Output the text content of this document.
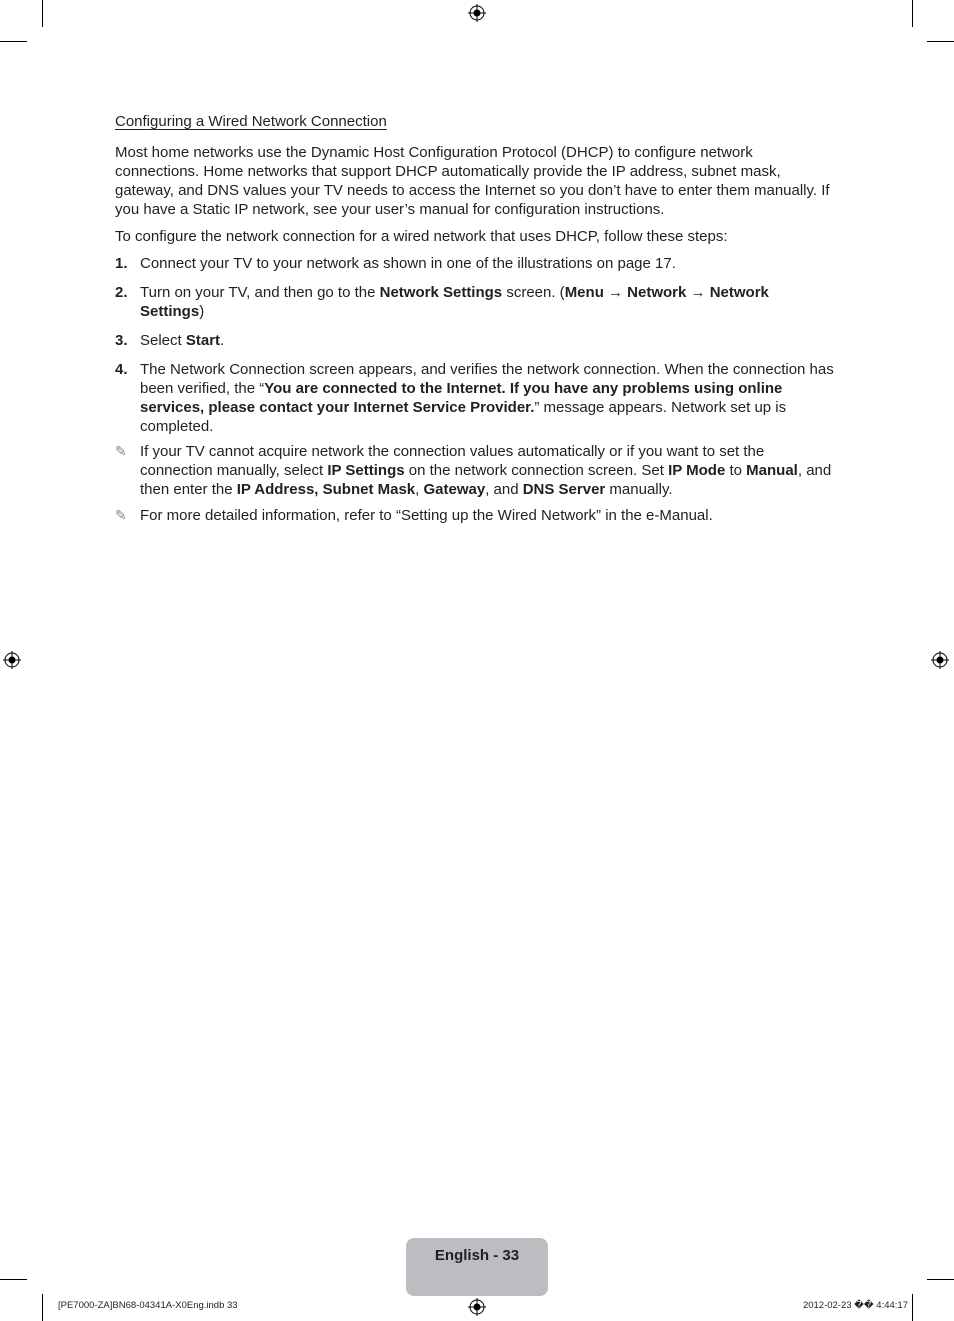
Configuring a Wired Network Connection

Most home networks use the Dynamic Host Configuration Protocol (DHCP) to configure network connections. Home networks that support DHCP automatically provide the IP address, subnet mask, gateway, and DNS values your TV needs to access the Internet so you don’t have to enter them manually. If you have a Static IP network, see your user’s manual for configuration instructions.

To configure the network connection for a wired network that uses DHCP, follow these steps:

1. Connect your TV to your network as shown in one of the illustrations on page 17.
2. Turn on your TV, and then go to the Network Settings screen. (Menu → Network → Network Settings)
3. Select Start.
4. The Network Connection screen appears, and verifies the network connection. When the connection has been verified, the “You are connected to the Internet. If you have any problems using online services, please contact your Internet Service Provider.” message appears. Network set up is completed.
✎ If your TV cannot acquire network the connection values automatically or if you want to set the connection manually, select IP Settings on the network connection screen. Set IP Mode to Manual, and then enter the IP Address, Subnet Mask, Gateway, and DNS Server manually.
✎ For more detailed information, refer to “Setting up the Wired Network” in the e-Manual.
English - 33
[PE7000-ZA]BN68-04341A-X0Eng.indb 33	2012-02-23 �� 4:44:17
